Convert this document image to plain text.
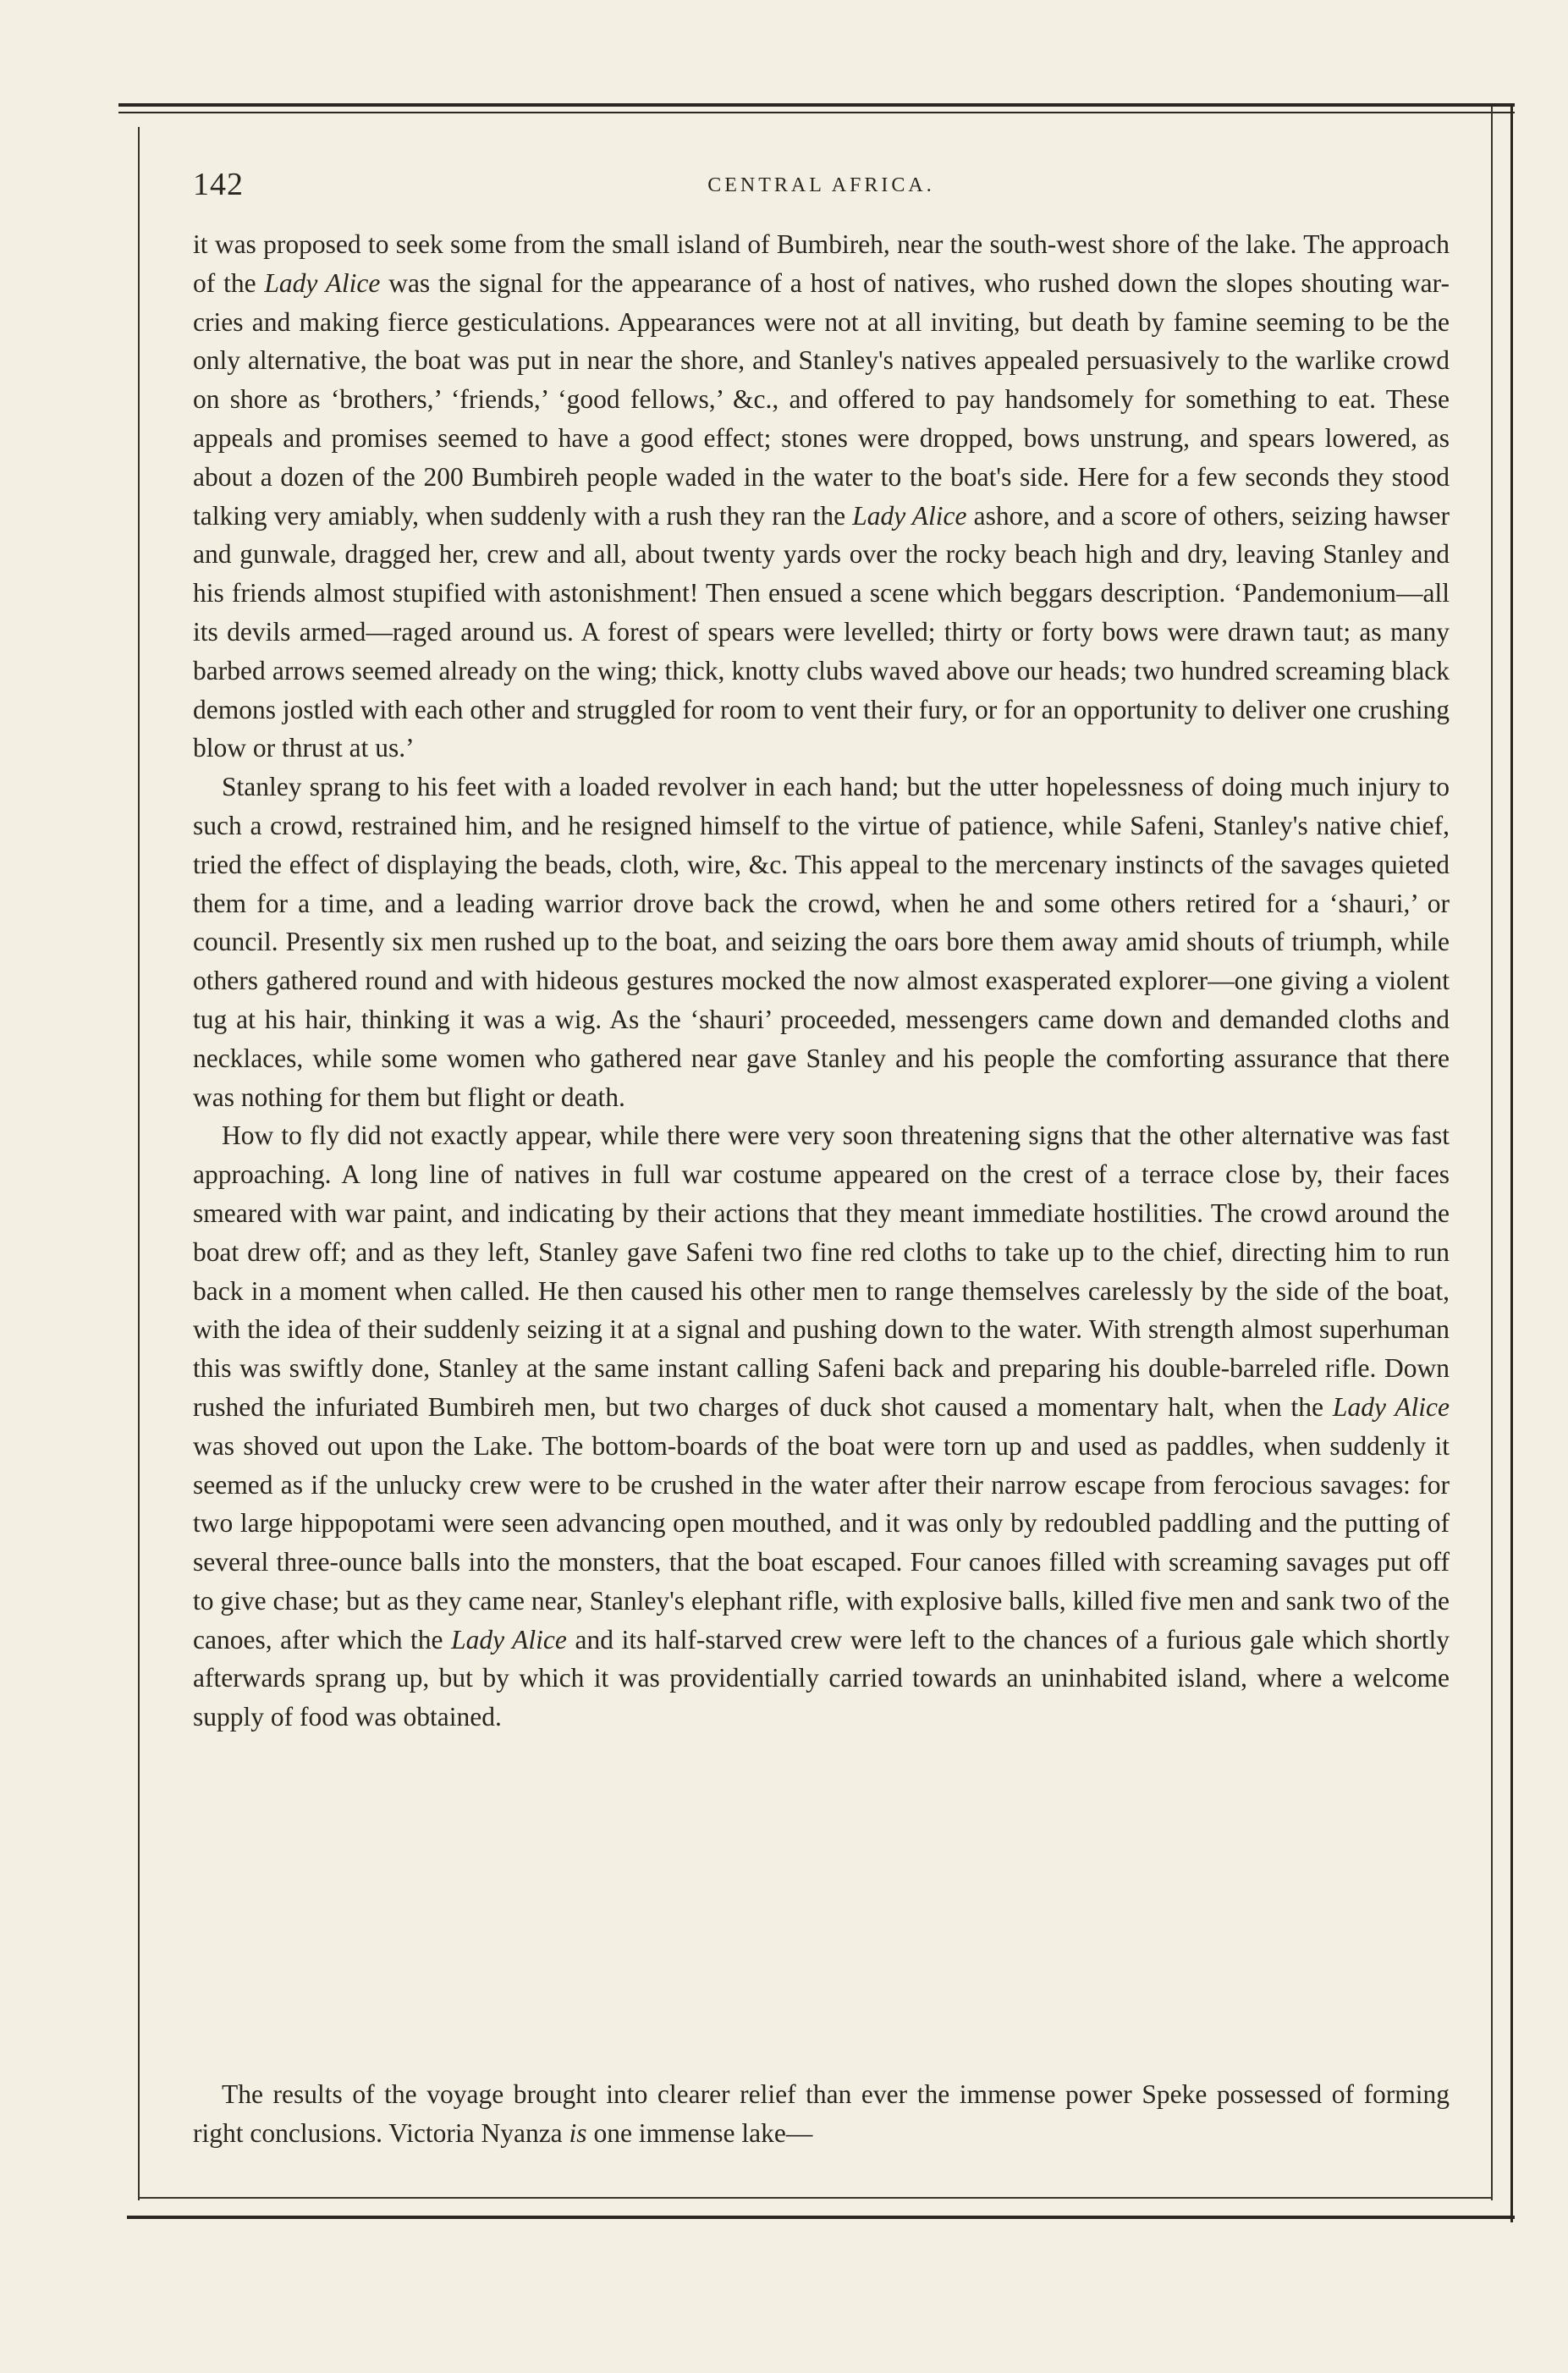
142	CENTRAL AFRICA.

it was proposed to seek some from the small island of Bumbireh, near the south-west shore of the lake. The approach of the Lady Alice was the signal for the appearance of a host of natives, who rushed down the slopes shouting war-cries and making fierce gesticulations. Appearances were not at all inviting, but death by famine seeming to be the only alternative, the boat was put in near the shore, and Stanley's natives appealed persuasively to the warlike crowd on shore as ‘brothers,’ ‘friends,’ ‘good fellows,’ &c., and offered to pay handsomely for something to eat. These appeals and promises seemed to have a good effect; stones were dropped, bows unstrung, and spears lowered, as about a dozen of the 200 Bumbireh people waded in the water to the boat's side. Here for a few seconds they stood talking very amiably, when suddenly with a rush they ran the Lady Alice ashore, and a score of others, seizing hawser and gunwale, dragged her, crew and all, about twenty yards over the rocky beach high and dry, leaving Stanley and his friends almost stupified with astonishment! Then ensued a scene which beggars description. ‘Pandemonium—all its devils armed—raged around us. A forest of spears were levelled; thirty or forty bows were drawn taut; as many barbed arrows seemed already on the wing; thick, knotty clubs waved above our heads; two hundred screaming black demons jostled with each other and struggled for room to vent their fury, or for an opportunity to deliver one crushing blow or thrust at us.’

Stanley sprang to his feet with a loaded revolver in each hand; but the utter hopelessness of doing much injury to such a crowd, restrained him, and he resigned himself to the virtue of patience, while Safeni, Stanley's native chief, tried the effect of displaying the beads, cloth, wire, &c. This appeal to the mercenary instincts of the savages quieted them for a time, and a leading warrior drove back the crowd, when he and some others retired for a ‘shauri,’ or council. Presently six men rushed up to the boat, and seizing the oars bore them away amid shouts of triumph, while others gathered round and with hideous gestures mocked the now almost exasperated explorer—one giving a violent tug at his hair, thinking it was a wig. As the ‘shauri’ proceeded, messengers came down and demanded cloths and necklaces, while some women who gathered near gave Stanley and his people the comforting assurance that there was nothing for them but flight or death.

How to fly did not exactly appear, while there were very soon threatening signs that the other alternative was fast approaching. A long line of natives in full war costume appeared on the crest of a terrace close by, their faces smeared with war paint, and indicating by their actions that they meant immediate hostilities. The crowd around the boat drew off; and as they left, Stanley gave Safeni two fine red cloths to take up to the chief, directing him to run back in a moment when called. He then caused his other men to range themselves carelessly by the side of the boat, with the idea of their suddenly seizing it at a signal and pushing down to the water. With strength almost superhuman this was swiftly done, Stanley at the same instant calling Safeni back and preparing his double-barreled rifle. Down rushed the infuriated Bumbireh men, but two charges of duck shot caused a momentary halt, when the Lady Alice was shoved out upon the Lake. The bottom-boards of the boat were torn up and used as paddles, when suddenly it seemed as if the unlucky crew were to be crushed in the water after their narrow escape from ferocious savages: for two large hippopotami were seen advancing open mouthed, and it was only by redoubled paddling and the putting of several three-ounce balls into the monsters, that the boat escaped. Four canoes filled with screaming savages put off to give chase; but as they came near, Stanley's elephant rifle, with explosive balls, killed five men and sank two of the canoes, after which the Lady Alice and its half-starved crew were left to the chances of a furious gale which shortly afterwards sprang up, but by which it was providentially carried towards an uninhabited island, where a welcome supply of food was obtained.

The results of the voyage brought into clearer relief than ever the immense power Speke possessed of forming right conclusions. Victoria Nyanza is one immense lake—
